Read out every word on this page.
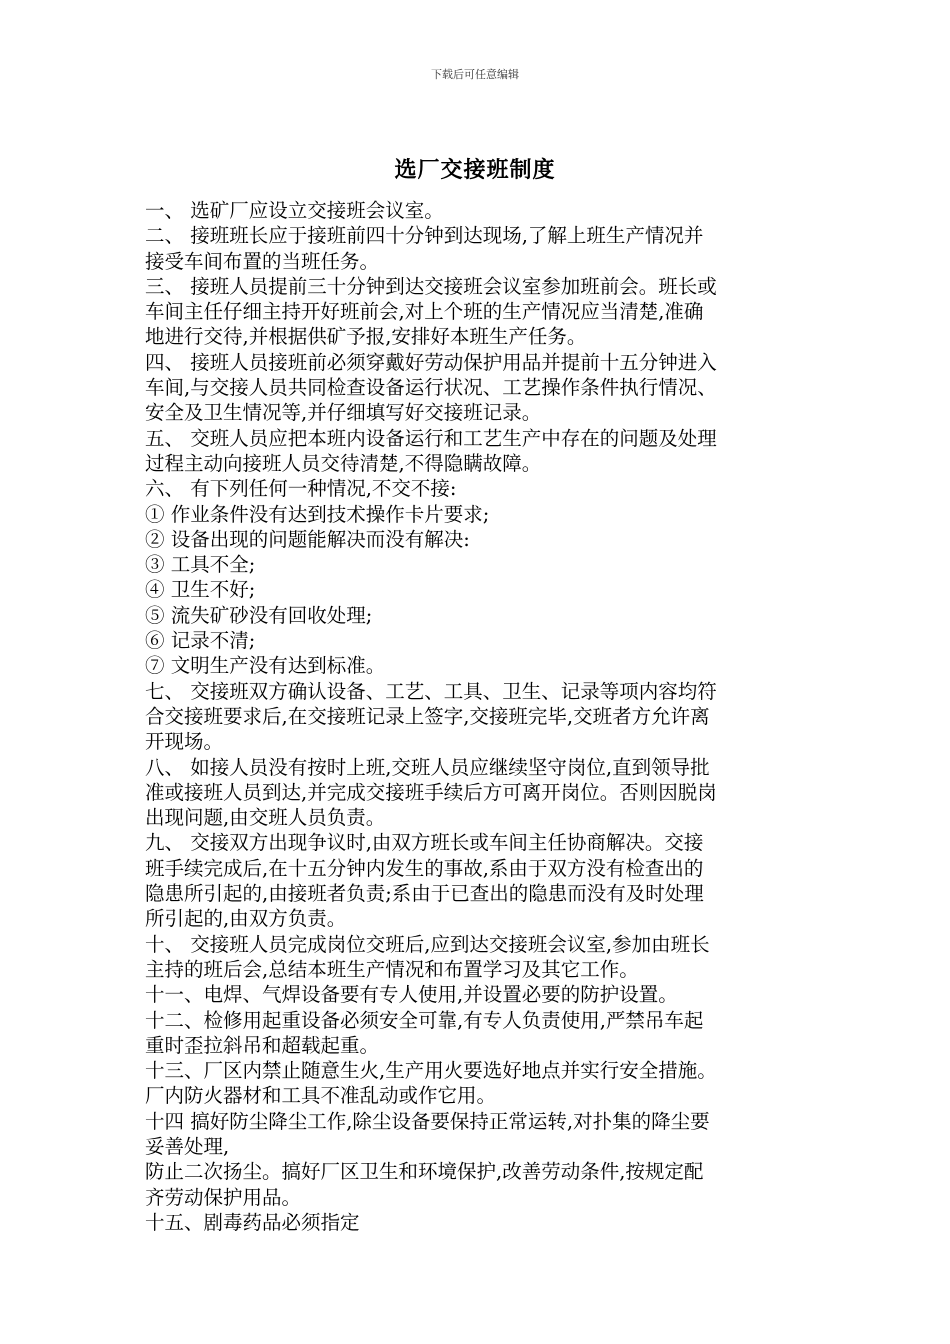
下载后可任意编辑
选厂交接班制度
一、 选矿厂应设立交接班会议室。
二、 接班班长应于接班前四十分钟到达现场,了解上班生产情况并
接受车间布置的当班任务。
三、 接班人员提前三十分钟到达交接班会议室参加班前会。班长或
车间主任仔细主持开好班前会,对上个班的生产情况应当清楚,准确
地进行交待,并根据供矿予报,安排好本班生产任务。
四、 接班人员接班前必须穿戴好劳动保护用品并提前十五分钟进入
车间,与交接人员共同检查设备运行状况、工艺操作条件执行情况、
安全及卫生情况等,并仔细填写好交接班记录。
五、 交班人员应把本班内设备运行和工艺生产中存在的问题及处理
过程主动向接班人员交待清楚,不得隐瞒故障。
六、 有下列任何一种情况,不交不接:
① 作业条件没有达到技术操作卡片要求;
② 设备出现的问题能解决而没有解决:
③ 工具不全;
④ 卫生不好;
⑤ 流失矿砂没有回收处理;
⑥ 记录不清;
⑦ 文明生产没有达到标准。
七、 交接班双方确认设备、工艺、工具、卫生、记录等项内容均符
合交接班要求后,在交接班记录上签字,交接班完毕,交班者方允许离
开现场。
八、 如接人员没有按时上班,交班人员应继续坚守岗位,直到领导批
准或接班人员到达,并完成交接班手续后方可离开岗位。否则因脱岗
出现问题,由交班人员负责。
九、 交接双方出现争议时,由双方班长或车间主任协商解决。交接
班手续完成后,在十五分钟内发生的事故,系由于双方没有检查出的
隐患所引起的,由接班者负责;系由于已查出的隐患而没有及时处理
所引起的,由双方负责。
十、 交接班人员完成岗位交班后,应到达交接班会议室,参加由班长
主持的班后会,总结本班生产情况和布置学习及其它工作。
十一、电焊、气焊设备要有专人使用,并设置必要的防护设置。
十二、检修用起重设备必须安全可靠,有专人负责使用,严禁吊车起
重时歪拉斜吊和超载起重。
十三、厂区内禁止随意生火,生产用火要选好地点并实行安全措施。
厂内防火器材和工具不准乱动或作它用。
十四 搞好防尘降尘工作,除尘设备要保持正常运转,对扑集的降尘要
妥善处理,
防止二次扬尘。搞好厂区卫生和环境保护,改善劳动条件,按规定配
齐劳动保护用品。
十五、剧毒药品必须指定
